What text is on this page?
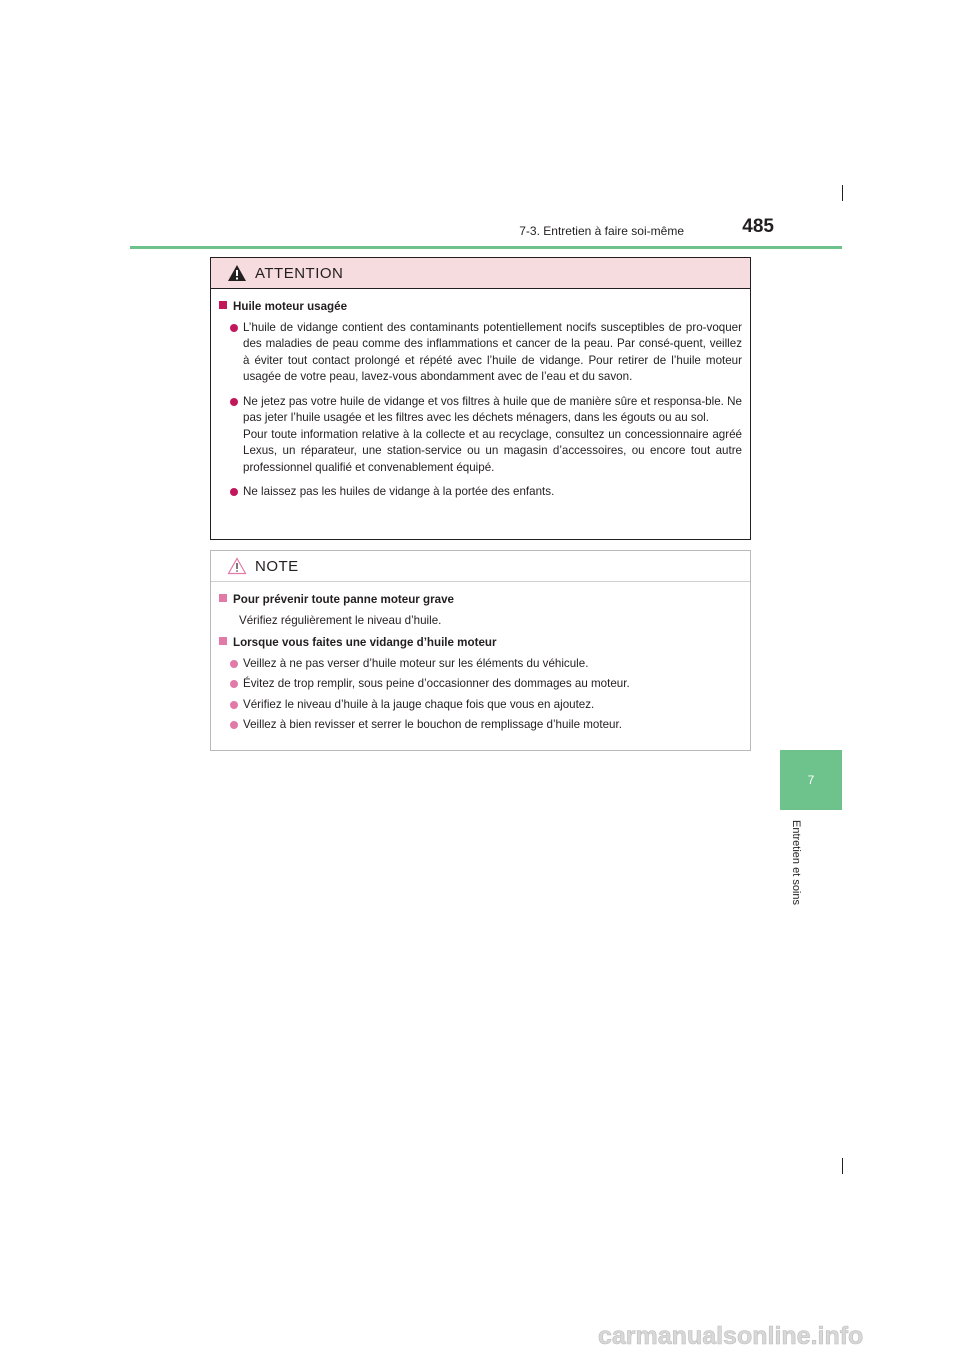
7-3. Entretien à faire soi-même	485
7
Entretien et soins
ATTENTION
Huile moteur usagée
L’huile de vidange contient des contaminants potentiellement nocifs susceptibles de pro-voquer des maladies de peau comme des inflammations et cancer de la peau. Par consé-quent, veillez à éviter tout contact prolongé et répété avec l’huile de vidange. Pour retirer de l’huile moteur usagée de votre peau, lavez-vous abondamment avec de l’eau et du savon.
Ne jetez pas votre huile de vidange et vos filtres à huile que de manière sûre et responsa-ble. Ne pas jeter l’huile usagée et les filtres avec les déchets ménagers, dans les égouts ou au sol.
Pour toute information relative à la collecte et au recyclage, consultez un concessionnaire agréé Lexus, un réparateur, une station-service ou un magasin d’accessoires, ou encore tout autre professionnel qualifié et convenablement équipé.
Ne laissez pas les huiles de vidange à la portée des enfants.
NOTE
Pour prévenir toute panne moteur grave
Vérifiez régulièrement le niveau d’huile.
Lorsque vous faites une vidange d’huile moteur
Veillez à ne pas verser d’huile moteur sur les éléments du véhicule.
Évitez de trop remplir, sous peine d’occasionner des dommages au moteur.
Vérifiez le niveau d’huile à la jauge chaque fois que vous en ajoutez.
Veillez à bien revisser et serrer le bouchon de remplissage d’huile moteur.
carmanualsonline.info
